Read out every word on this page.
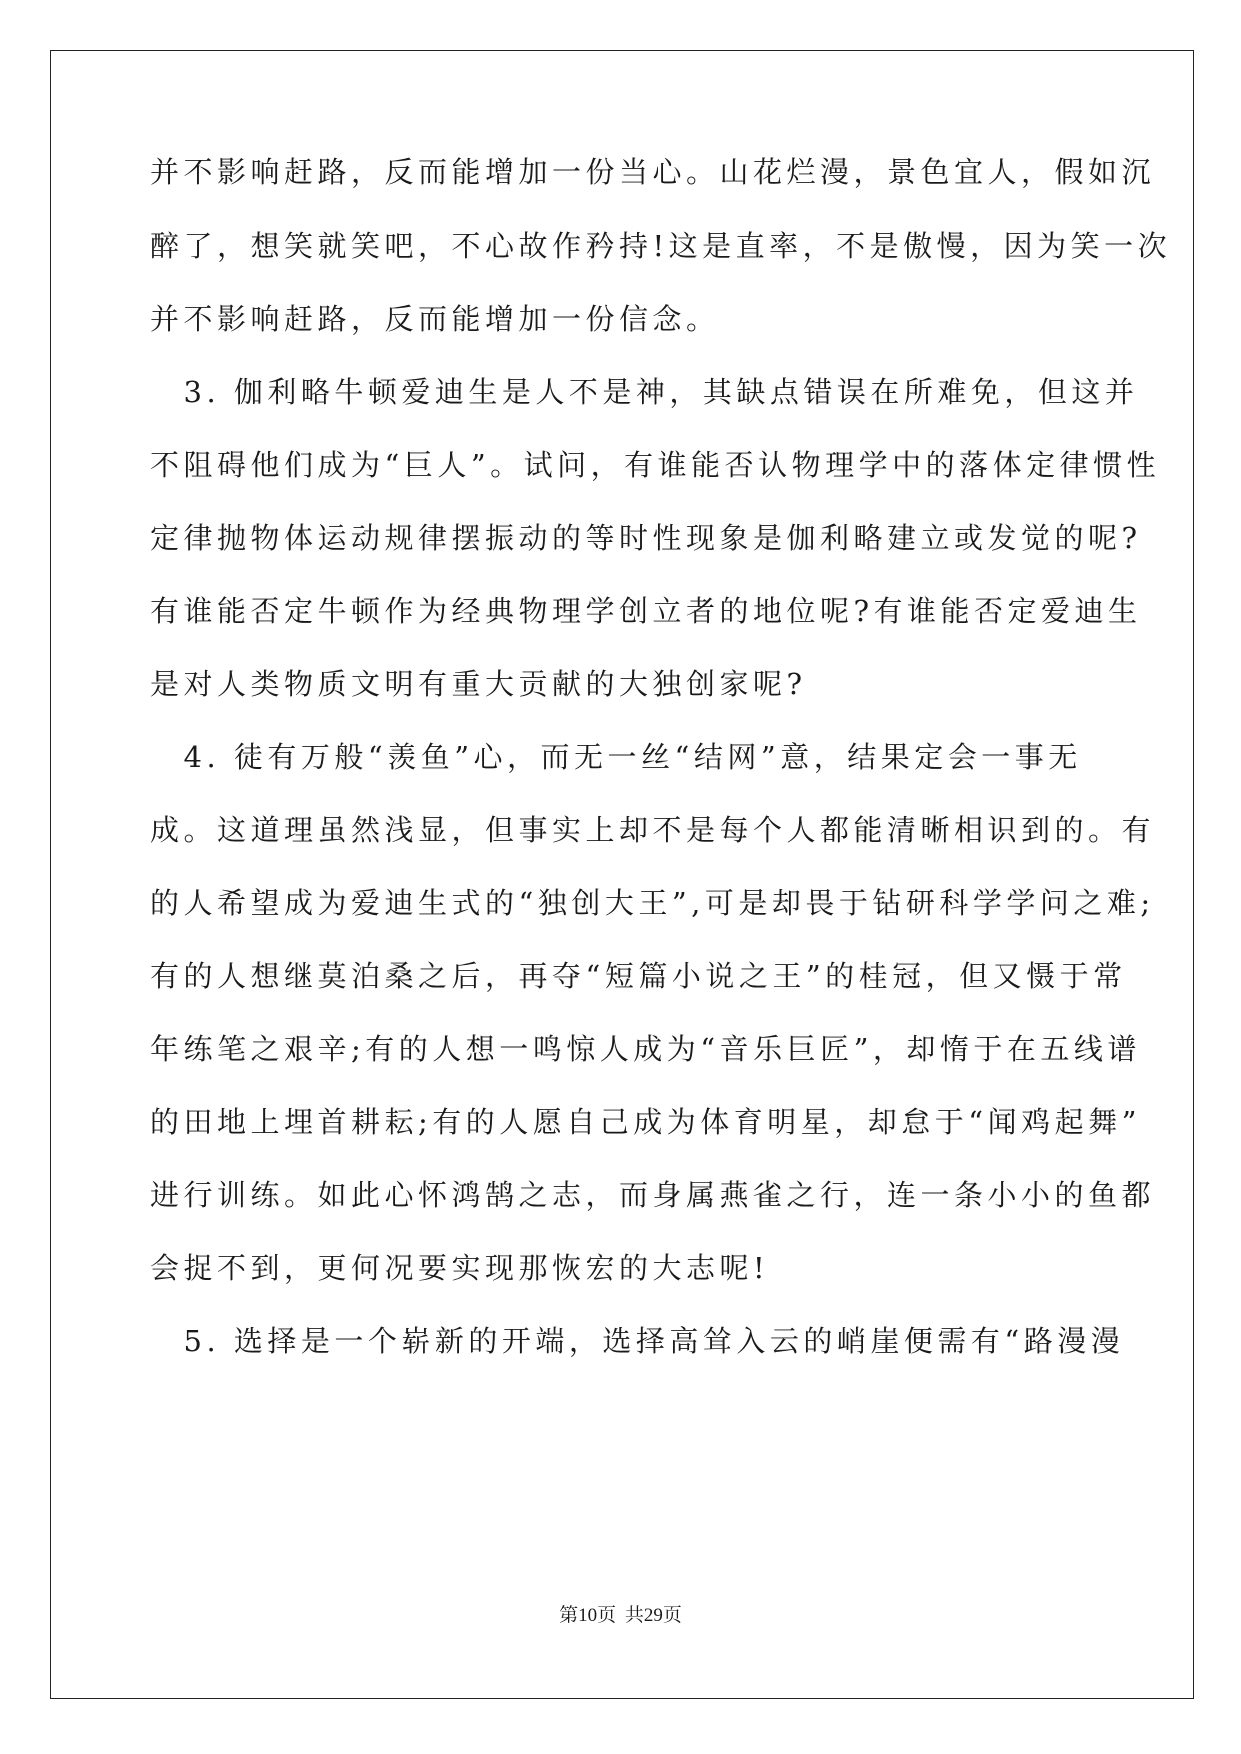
并不影响赶路，反而能增加一份当心。山花烂漫，景色宜人，假如沉
醉了，想笑就笑吧，不心故作矜持!这是直率，不是傲慢，因为笑一次
并不影响赶路，反而能增加一份信念。
　3. 伽利略牛顿爱迪生是人不是神，其缺点错误在所难免，但这并
不阻碍他们成为“巨人”。试问，有谁能否认物理学中的落体定律惯性
定律抛物体运动规律摆振动的等时性现象是伽利略建立或发觉的呢?
有谁能否定牛顿作为经典物理学创立者的地位呢?有谁能否定爱迪生
是对人类物质文明有重大贡献的大独创家呢?
　4. 徒有万般“羡鱼”心，而无一丝“结网”意，结果定会一事无
成。这道理虽然浅显，但事实上却不是每个人都能清晰相识到的。有
的人希望成为爱迪生式的“独创大王”,可是却畏于钻研科学学问之难;
有的人想继莫泊桑之后，再夺“短篇小说之王”的桂冠，但又慑于常
年练笔之艰辛;有的人想一鸣惊人成为“音乐巨匠”，却惰于在五线谱
的田地上埋首耕耘;有的人愿自己成为体育明星，却怠于“闻鸡起舞”
进行训练。如此心怀鸿鹄之志，而身属燕雀之行，连一条小小的鱼都
会捉不到，更何况要实现那恢宏的大志呢!
　5. 选择是一个崭新的开端，选择高耸入云的峭崖便需有“路漫漫
第10页 共29页
